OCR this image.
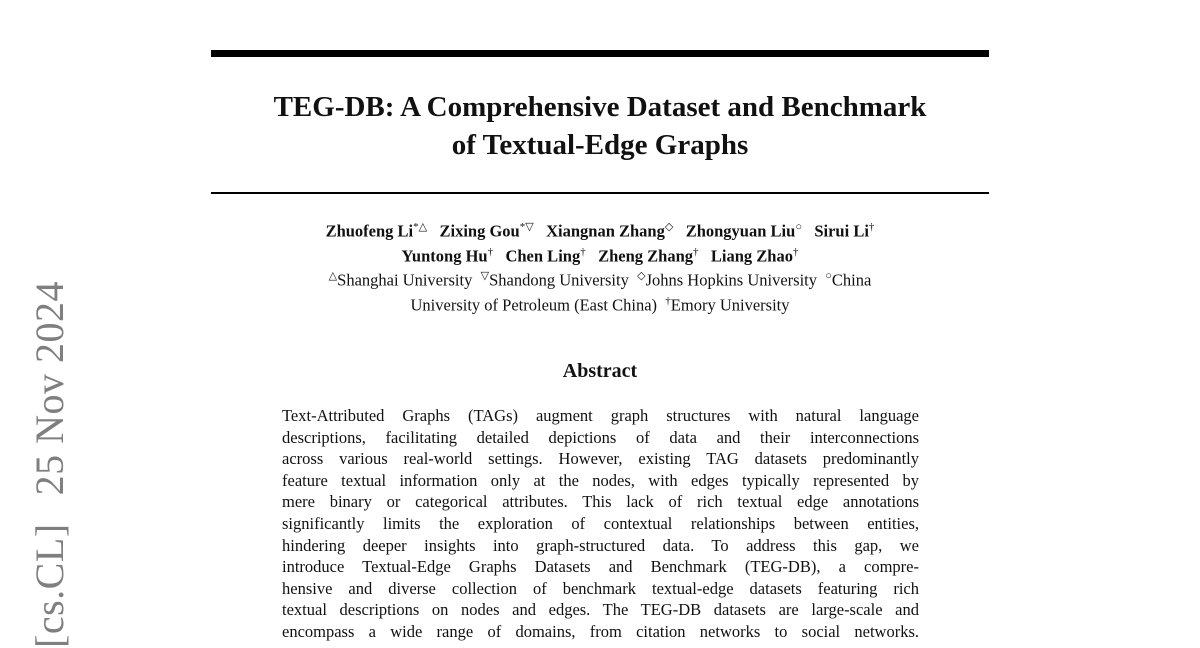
[cs.CL]25 Nov 2024
TEG-DB: A Comprehensive Dataset and Benchmark
of Textual-Edge Graphs
Zhuofeng Li*△ Zixing Gou*▽ Xiangnan Zhang◇ Zhongyuan Liu○ Sirui Li†
Yuntong Hu† Chen Ling† Zheng Zhang† Liang Zhao†
△Shanghai University ▽Shandong University ◇Johns Hopkins University ○China
University of Petroleum (East China) †Emory University
Abstract
Text-Attributed Graphs (TAGs) augment graph structures with natural language
descriptions, facilitating detailed depictions of data and their interconnections
across various real-world settings. However, existing TAG datasets predominantly
feature textual information only at the nodes, with edges typically represented by
mere binary or categorical attributes. This lack of rich textual edge annotations
significantly limits the exploration of contextual relationships between entities,
hindering deeper insights into graph-structured data. To address this gap, we
introduce Textual-Edge Graphs Datasets and Benchmark (TEG-DB), a compre-
hensive and diverse collection of benchmark textual-edge datasets featuring rich
textual descriptions on nodes and edges. The TEG-DB datasets are large-scale and
encompass a wide range of domains, from citation networks to social networks.
